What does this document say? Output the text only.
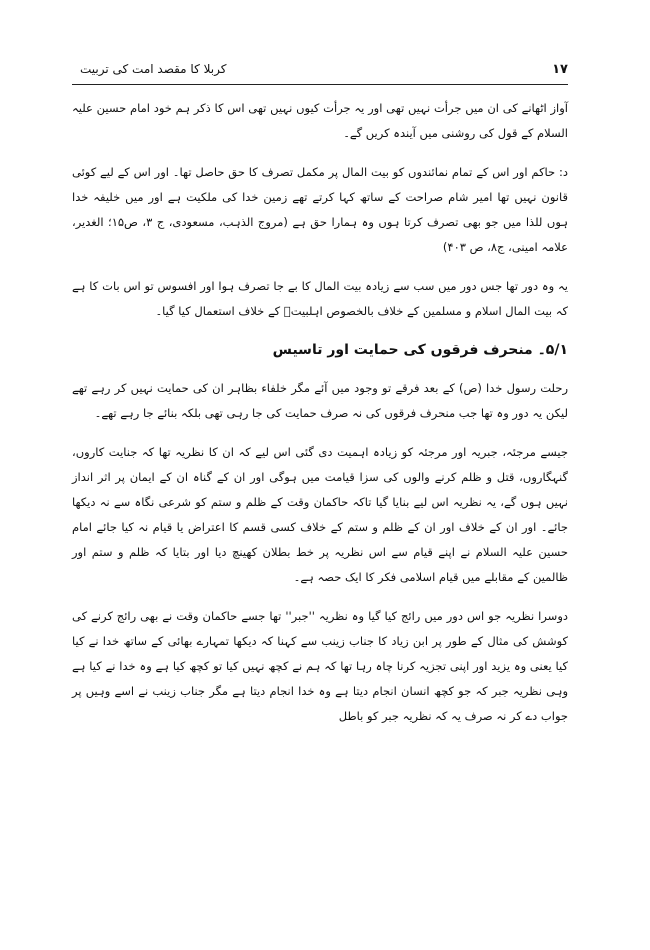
۱۷
کربلا کا مقصد امت کی تربیت

آواز اٹھانے کی ان میں جرأت نہیں تھی اور یہ جرأت کیوں نہیں تھی اس کا ذکر ہم خود امام حسین علیہ السلام کے قول کی روشنی میں آیندہ کریں گے۔

د: حاکم اور اس کے تمام نمائندوں کو بیت المال پر مکمل تصرف کا حق حاصل تھا۔ اور اس کے لیے کوئی قانون نہیں تھا امیر شام صراحت کے ساتھ کہا کرتے تھے زمین خدا کی ملکیت ہے اور میں خلیفہ خدا ہوں للذا میں جو بھی تصرف کرتا ہوں وہ ہمارا حق ہے (مروج الذہب، مسعودی، ج ۳، ص۱۵؛ الغدیر، علامہ امینی، ج۸، ص ۴۰۳)

یہ وہ دور تھا جس دور میں سب سے زیادہ بیت المال کا بے جا تصرف ہوا اور افسوس تو اس بات کا ہے کہ بیت المال اسلام و مسلمین کے خلاف بالخصوص اہلبیتؑ کے خلاف استعمال کیا گیا۔

۵/۱۔ منحرف فرقوں کی حمایت اور تاسیس

رحلت رسول خدا (ص) کے بعد فرقے تو وجود میں آئے مگر خلفاء بظاہر ان کی حمایت نہیں کر رہے تھے لیکن یہ دور وہ تھا جب منحرف فرقوں کی نہ صرف حمایت کی جا رہی تھی بلکہ بنائے جا رہے تھے۔

جیسے مرجئہ، جبریہ اور مرجئہ کو زیادہ اہمیت دی گئی اس لیے کہ ان کا نظریہ تھا کہ جنایت کاروں، گنہگاروں، قتل و ظلم کرنے والوں کی سزا قیامت میں ہوگی اور ان کے گناہ ان کے ایمان پر اثر انداز نہیں ہوں گے، یہ نظریہ اس لیے بنایا گیا تاکہ حاکمان وقت کے ظلم و ستم کو شرعی نگاہ سے نہ دیکھا جائے۔ اور ان کے خلاف اور ان کے ظلم و ستم کے خلاف کسی قسم کا اعتراض یا قیام نہ کیا جائے امام حسین علیہ السلام نے اپنے قیام سے اس نظریہ پر خط بطلان کھینچ دیا اور بتایا کہ ظلم و ستم اور ظالمین کے مقابلے میں قیام اسلامی فکر کا ایک حصہ ہے۔

دوسرا نظریہ جو اس دور میں رائج کیا گیا وہ نظریہ ''جبر'' تھا جسے حاکمان وقت نے بھی رائج کرنے کی کوشش کی مثال کے طور پر ابن زیاد کا جناب زینب سے کہنا کہ دیکھا تمہارے بھائی کے ساتھ خدا نے کیا کیا یعنی وہ یزید اور اپنی تجزیہ کرنا چاہ رہا تھا کہ ہم نے کچھ نہیں کیا تو کچھ کیا ہے وہ خدا نے کیا ہے وہی نظریہ جبر کہ جو کچھ انسان انجام دیتا ہے وہ خدا انجام دیتا ہے مگر جناب زینب نے اسے وہیں پر جواب دے کر نہ صرف یہ کہ نظریہ جبر کو باطل
